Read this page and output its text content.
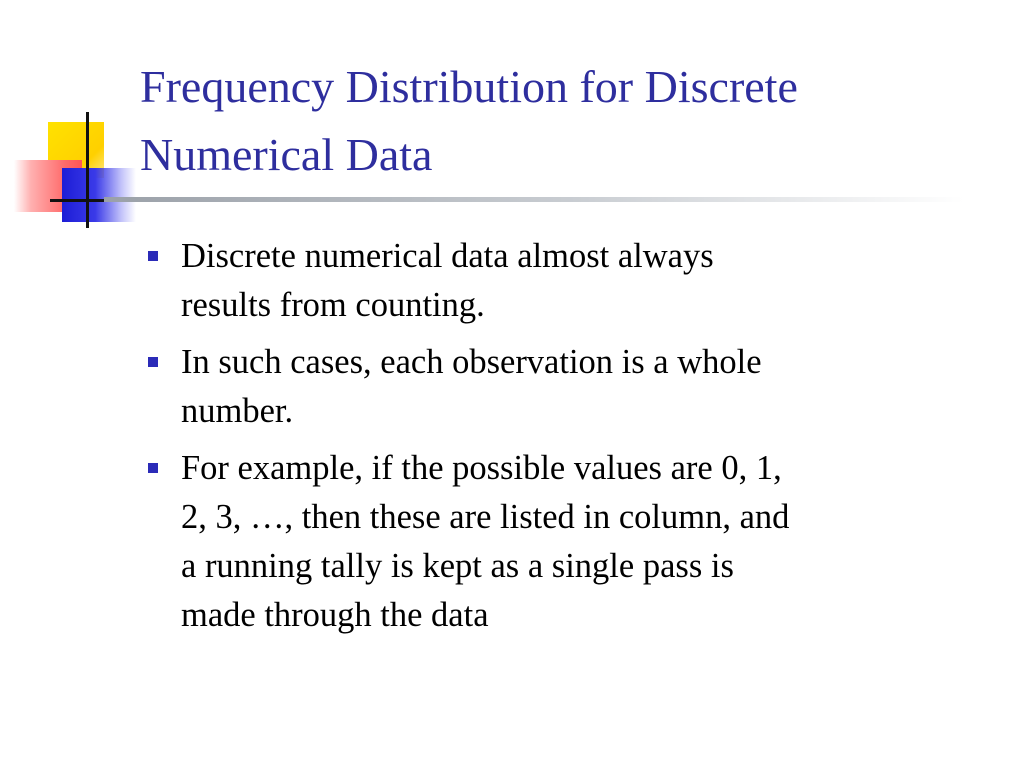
Frequency Distribution for Discrete
Numerical Data
Discrete numerical data almost always
results from counting.
In such cases, each observation is a whole
number.
For example, if the possible values are 0, 1,
2, 3, …, then these are listed in column, and
a running tally is kept as a single pass is
made through the data
